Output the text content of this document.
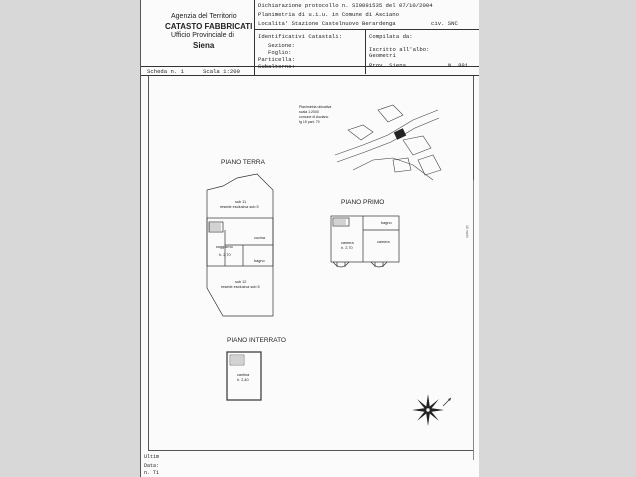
Agenzia del Territorio
CATASTO FABBRICATI
Ufficio Provinciale di
Siena
Dichiarazione protocollo n. SI0091535 del 07/10/2004
Planimetria di u.i.u. in Comune di Asciano
Localita' Stazione Castelnuovo Berardenga	civ. SNC
Identificativi Catastali:
Sezione:
Foglio:
Particella:
Subalterno:
Compilata da:
Iscritto all'albo:
Geometri
Prov. Siena	N. 891
Scheda n. 1	Scala 1:200
Planimetria ubicativa
scala 1:2000
comune di Asciano
fg 15 part. 79
PIANO TERRA
sub 11
resede esclusiva sub 5
cucina
soggiorno
h. 2,70
bagno
sub 12
resede esclusiva sub 5
PIANO PRIMO
bagno
camera
h. 2,70
camera
PIANO INTERRATO
cantina
h. 2,40
16 metri
Ultim
Data:
n. T1
